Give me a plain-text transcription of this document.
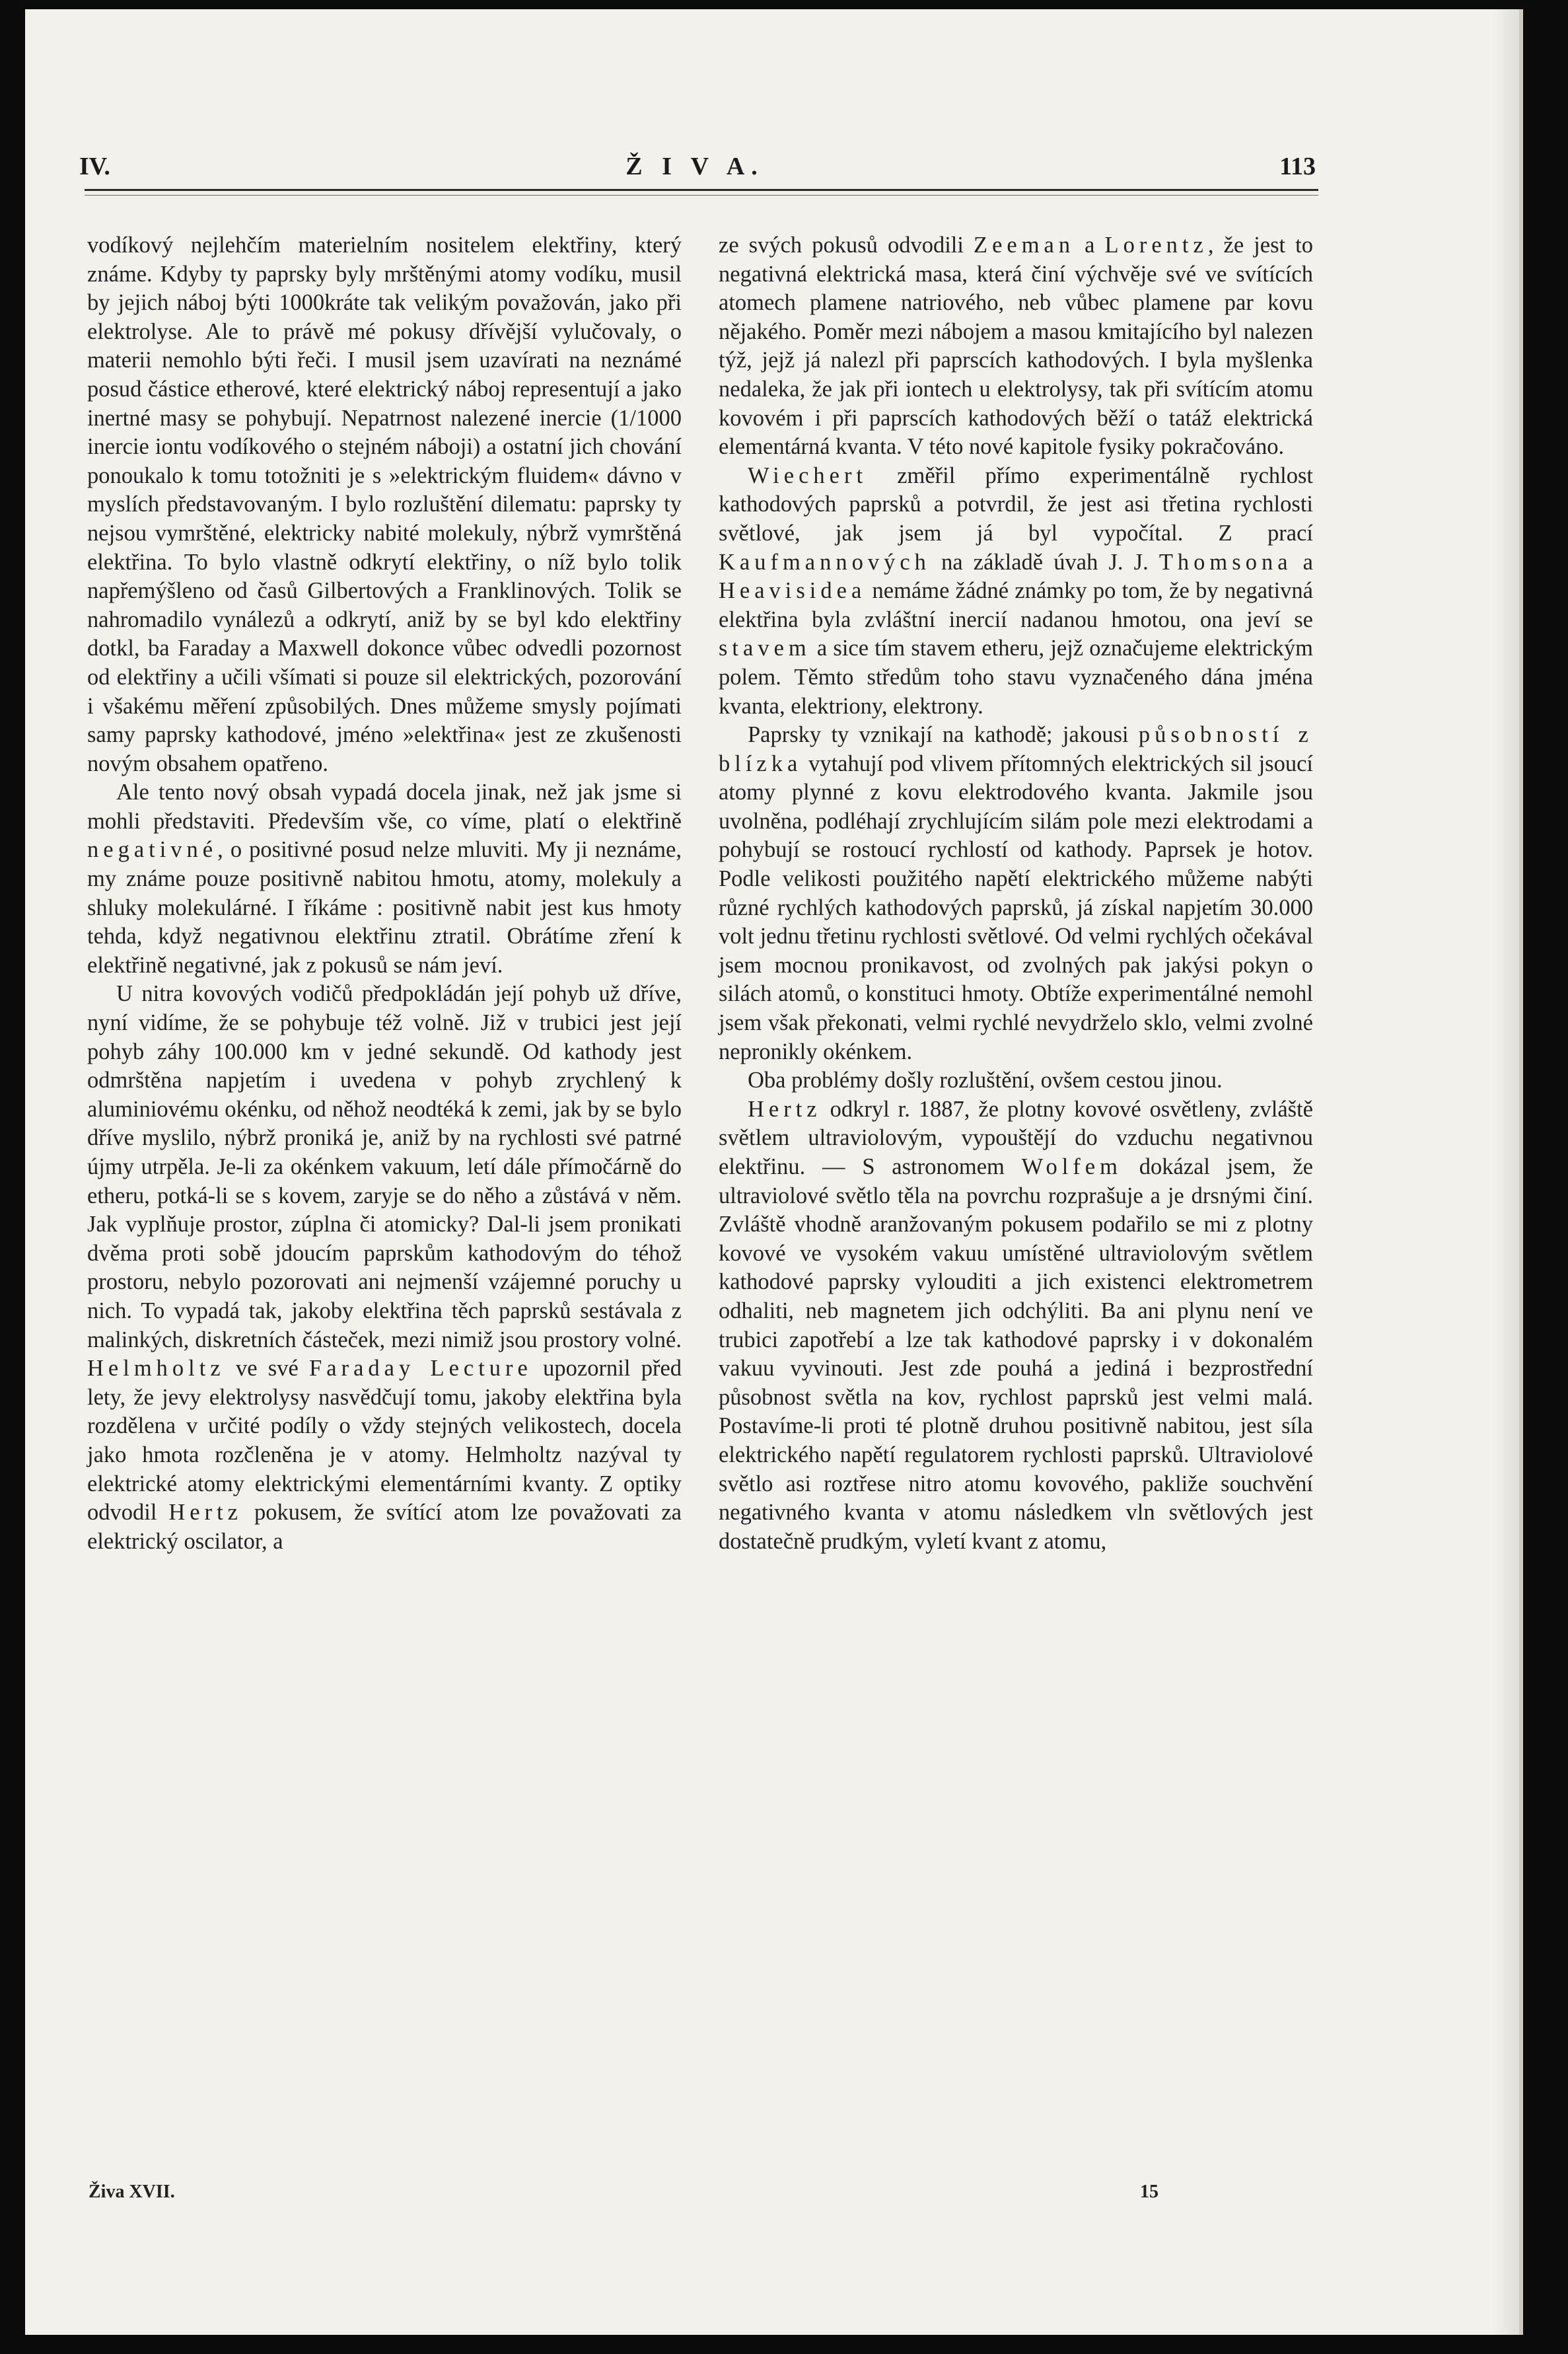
IV.	Ž I V A.	113

vodíkový nejlehčím materielním nositelem elektřiny, který známe. Kdyby ty paprsky byly mrštěnými atomy vodíku, musil by jejich náboj býti 1000kráte tak velikým považován, jako při elektrolyse. Ale to právě mé pokusy dřívější vylučovaly, o materii nemohlo býti řeči. I musil jsem uzavírati na neznámé posud částice etherové, které elektrický náboj representují a jako inertné masy se pohybují. Nepatrnost nalezené inercie (1/1000 inercie iontu vodíkového o stejném náboji) a ostatní jich chování ponoukalo k tomu totožniti je s »elektrickým fluidem« dávno v myslích představovaným. I bylo rozluštění dilematu: paprsky ty nejsou vymrštěné, elektricky nabité molekuly, nýbrž vymrštěná elektřina. To bylo vlastně odkrytí elektřiny, o níž bylo tolik napřemýšleno od časů Gilbertových a Franklinových. Tolik se nahromadilo vynálezů a odkrytí, aniž by se byl kdo elektřiny dotkl, ba Faraday a Maxwell dokonce vůbec odvedli pozornost od elektřiny a učili všímati si pouze sil elektrických, pozorování i všakému měření způsobilých. Dnes můžeme smysly pojímati samy paprsky kathodové, jméno »elektřina« jest ze zkušenosti novým obsahem opatřeno.

Ale tento nový obsah vypadá docela jinak, než jak jsme si mohli představiti. Především vše, co víme, platí o elektřině negativné, o positivné posud nelze mluviti. My ji neznáme, my známe pouze positivně nabitou hmotu, atomy, molekuly a shluky molekulárné. I říkáme : positivně nabit jest kus hmoty tehda, když negativnou elektřinu ztratil. Obrátíme zření k elektřině negativné, jak z pokusů se nám jeví.

U nitra kovových vodičů předpokládán její pohyb už dříve, nyní vidíme, že se pohybuje též volně. Již v trubici jest její pohyb záhy 100.000 km v jedné sekundě. Od kathody jest odmrštěna napjetím i uvedena v pohyb zrychlený k aluminiovému okénku, od něhož neodtéká k zemi, jak by se bylo dříve myslilo, nýbrž proniká je, aniž by na rychlosti své patrné újmy utrpěla. Je-li za okénkem vakuum, letí dále přímočárně do etheru, potká-li se s kovem, zaryje se do něho a zůstává v něm. Jak vyplňuje prostor, zúplna či atomicky? Dal-li jsem pronikati dvěma proti sobě jdoucím paprskům kathodovým do téhož prostoru, nebylo pozorovati ani nejmenší vzájemné poruchy u nich. To vypadá tak, jakoby elektřina těch paprsků sestávala z malinkých, diskretních částeček, mezi nimiž jsou prostory volné. Helmholtz ve své Faraday Lecture upozornil před lety, že jevy elektrolysy nasvědčují tomu, jakoby elektřina byla rozdělena v určité podíly o vždy stejných velikostech, docela jako hmota rozčleněna je v atomy. Helmholtz nazýval ty elektrické atomy elektrickými elementárními kvanty. Z optiky odvodil Hertz pokusem, že svítící atom lze považovati za elektrický oscilator, a

ze svých pokusů odvodili Zeeman a Lorentz, že jest to negativná elektrická masa, která činí výchvěje své ve svítících atomech plamene natriového, neb vůbec plamene par kovu nějakého. Poměr mezi nábojem a masou kmitajícího byl nalezen týž, jejž já nalezl při paprscích kathodových. I byla myšlenka nedaleka, že jak při iontech u elektrolysy, tak při svítícím atomu kovovém i při paprscích kathodových běží o tatáž elektrická elementárná kvanta. V této nové kapitole fysiky pokračováno.

Wiechert změřil přímo experimentálně rychlost kathodových paprsků a potvrdil, že jest asi třetina rychlosti světlové, jak jsem já byl vypočítal. Z prací Kaufmannových na základě úvah J. J. Thomsona a Heavisidea nemáme žádné známky po tom, že by negativná elektřina byla zvláštní inercií nadanou hmotou, ona jeví se stavem a sice tím stavem etheru, jejž označujeme elektrickým polem. Těmto středům toho stavu vyznačeného dána jména kvanta, elektriony, elektrony.

Paprsky ty vznikají na kathodě; jakousi působností z blízka vytahují pod vlivem přítomných elektrických sil jsoucí atomy plynné z kovu elektrodového kvanta. Jakmile jsou uvolněna, podléhají zrychlujícím silám pole mezi elektrodami a pohybují se rostoucí rychlostí od kathody. Paprsek je hotov. Podle velikosti použitého napětí elektrického můžeme nabýti různé rychlých kathodových paprsků, já získal napjetím 30.000 volt jednu třetinu rychlosti světlové. Od velmi rychlých očekával jsem mocnou pronikavost, od zvolných pak jakýsi pokyn o silách atomů, o konstituci hmoty. Obtíže experimentálné nemohl jsem však překonati, velmi rychlé nevydrželo sklo, velmi zvolné nepronikly okénkem.

Oba problémy došly rozluštění, ovšem cestou jinou.

Hertz odkryl r. 1887, že plotny kovové osvětleny, zvláště světlem ultraviolovým, vypouštějí do vzduchu negativnou elektřinu. — S astronomem Wolfem dokázal jsem, že ultraviolové světlo těla na povrchu rozprašuje a je drsnými činí. Zvláště vhodně aranžovaným pokusem podařilo se mi z plotny kovové ve vysokém vakuu umístěné ultraviolovým světlem kathodové paprsky vylouditi a jich existenci elektrometrem odhaliti, neb magnetem jich odchýliti. Ba ani plynu není ve trubici zapotřebí a lze tak kathodové paprsky i v dokonalém vakuu vyvinouti. Jest zde pouhá a jediná i bezprostřední působnost světla na kov, rychlost paprsků jest velmi malá. Postavíme-li proti té plotně druhou positivně nabitou, jest síla elektrického napětí regulatorem rychlosti paprsků. Ultraviolové světlo asi roztřese nitro atomu kovového, pakliže souchvění negativného kvanta v atomu následkem vln světlových jest dostatečně prudkým, vyletí kvant z atomu,

Živa XVII.	15
